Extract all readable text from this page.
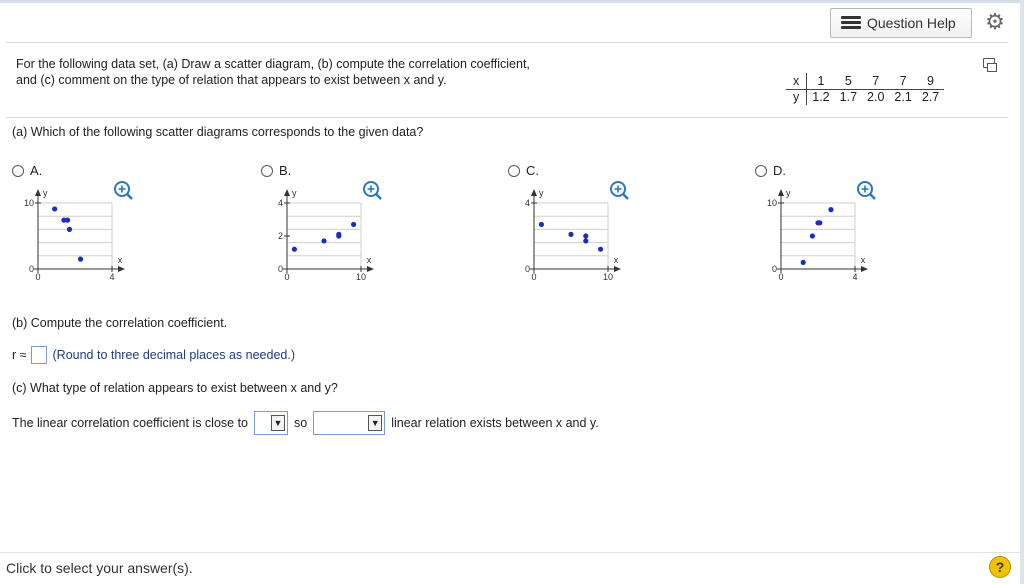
Question Help ⚙
For the following data set, (a) Draw a scatter diagram, (b) compute the correlation coefficient,
and (c) comment on the type of relation that appears to exist between x and y.	x	1	5	7	7	9
y	1.2	1.7	2.0	2.1	2.7
(a) Which of the following scatter diagrams corresponds to the given data?
A.
10
0
0	4
y
x
B.
4
0
0	10
y
x
2
C.
4
0
0	10
y
x
D.
10
0
0	4
y
x
(b) Compute the correlation coefficient.
r ≈ (Round to three decimal places as needed.)
(c) What type of relation appears to exist between x and y?
The linear correlation coefficient is close to	▼ so	▼ linear relation exists between x and y.
Click to select your answer(s).	?
